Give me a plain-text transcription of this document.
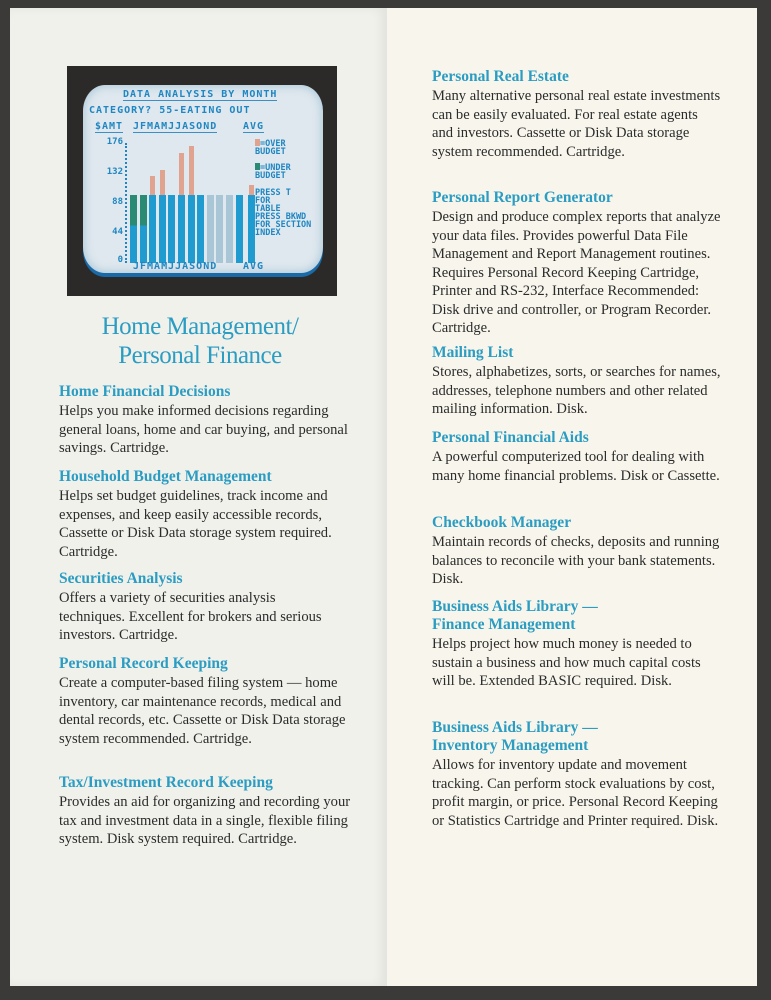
DATA ANALYSIS BY MONTH
CATEGORY? 55-EATING OUT
$AMT JFMAMJJASOND	AVG
176
132
88
44
0
JFMAMJJASOND	AVG
=OVER BUDGET
=UNDER BUDGET
PRESS T FOR TABLE
PRESS BKWD FOR SECTION INDEX
Home Management/
Personal Finance
Home Financial Decisions

Helps you make informed decisions regarding general loans, home and car buying, and personal savings. Cartridge.

Household Budget Management

Helps set budget guidelines, track income and expenses, and keep easily accessible records, Cassette or Disk Data storage system required. Cartridge.

Securities Analysis

Offers a variety of securities analysis techniques. Excellent for brokers and serious investors. Cartridge.

Personal Record Keeping

Create a computer-based filing system — home inventory, car maintenance records, medical and dental records, etc. Cassette or Disk Data storage system recommended. Cartridge.

Tax/Investment Record Keeping

Provides an aid for organizing and recording your tax and investment data in a single, flexible filing system. Disk system required. Cartridge.

Personal Real Estate

Many alternative personal real estate investments can be easily evaluated. For real estate agents and investors. Cassette or Disk Data storage system recommended. Cartridge.

Personal Report Generator

Design and produce complex reports that analyze your data files. Provides powerful Data File Management and Report Management routines. Requires Personal Record Keeping Cartridge, Printer and RS-232, Interface Recommended: Disk drive and controller, or Program Recorder. Cartridge.

Mailing List

Stores, alphabetizes, sorts, or searches for names, addresses, telephone numbers and other related mailing information. Disk.

Personal Financial Aids

A powerful computerized tool for dealing with many home financial problems. Disk or Cassette.

Checkbook Manager

Maintain records of checks, deposits and running balances to reconcile with your bank statements. Disk.

Business Aids Library —
Finance Management

Helps project how much money is needed to sustain a business and how much capital costs will be. Extended BASIC required. Disk.

Business Aids Library —
Inventory Management

Allows for inventory update and movement tracking. Can perform stock evaluations by cost, profit margin, or price. Personal Record Keeping or Statistics Cartridge and Printer required. Disk.
